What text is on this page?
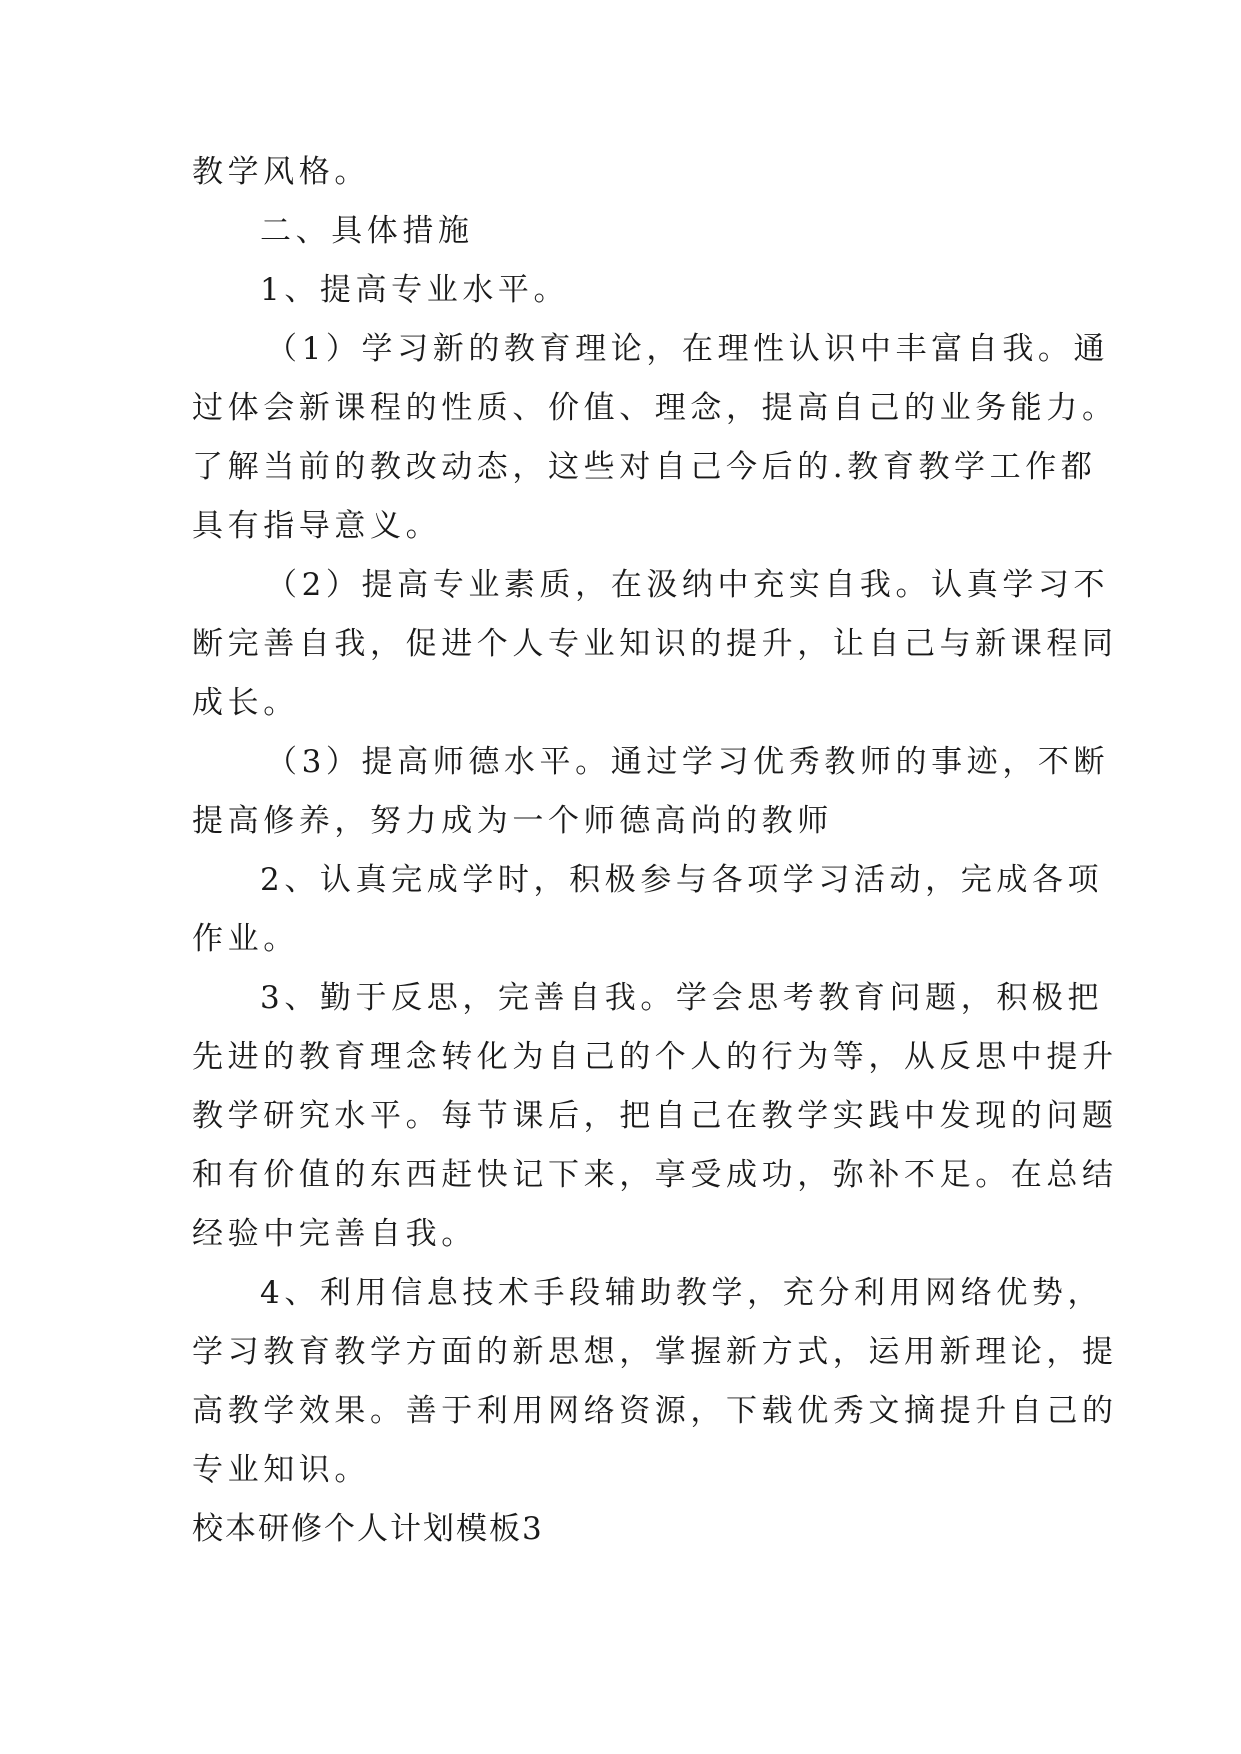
教学风格。
二、具体措施
1、提高专业水平。
（1）学习新的教育理论，在理性认识中丰富自我。通
过体会新课程的性质、价值、理念，提高自己的业务能力。
了解当前的教改动态，这些对自己今后的.教育教学工作都
具有指导意义。
（2）提高专业素质，在汲纳中充实自我。认真学习不
断完善自我，促进个人专业知识的提升，让自己与新课程同
成长。
（3）提高师德水平。通过学习优秀教师的事迹，不断
提高修养，努力成为一个师德高尚的教师
2、认真完成学时，积极参与各项学习活动，完成各项
作业。
3、勤于反思，完善自我。学会思考教育问题，积极把
先进的教育理念转化为自己的个人的行为等，从反思中提升
教学研究水平。每节课后，把自己在教学实践中发现的问题
和有价值的东西赶快记下来，享受成功，弥补不足。在总结
经验中完善自我。
4、利用信息技术手段辅助教学，充分利用网络优势，
学习教育教学方面的新思想，掌握新方式，运用新理论，提
高教学效果。善于利用网络资源，下载优秀文摘提升自己的
专业知识。
校本研修个人计划模板3
